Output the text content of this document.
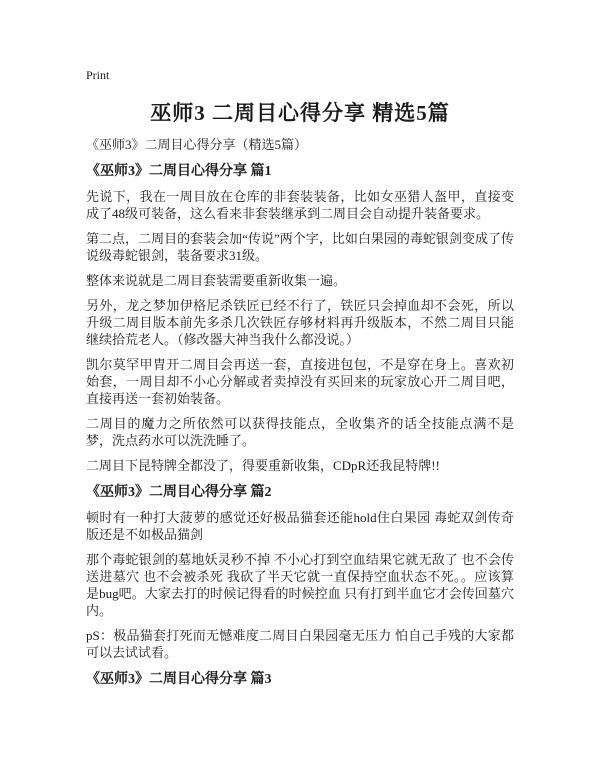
Print
巫师3 二周目心得分享 精选5篇

《巫师3》二周目心得分享（精选5篇）

《巫师3》二周目心得分享 篇1

先说下，我在一周目放在仓库的非套装装备，比如女巫猎人盔甲，直接变成了48级可装备，这么看来非套装继承到二周目会自动提升装备要求。

第二点，二周目的套装会加“传说”两个字，比如白果园的毒蛇银剑变成了传说级毒蛇银剑，装备要求31级。

整体来说就是二周目套装需要重新收集一遍。

另外，龙之梦加伊格尼杀铁匠已经不行了，铁匠只会掉血却不会死，所以升级二周目版本前先多杀几次铁匠存够材料再升级版本，不然二周目只能继续拾荒老人。（修改器大神当我什么都没说。）

凯尔莫罕甲胄开二周目会再送一套，直接进包包，不是穿在身上。喜欢初始套，一周目却不小心分解或者卖掉没有买回来的玩家放心开二周目吧，直接再送一套初始装备。

二周目的魔力之所依然可以获得技能点，全收集齐的话全技能点满不是梦，洗点药水可以洗洗睡了。

二周目下昆特牌全都没了，得要重新收集，CDpR还我昆特牌!!

《巫师3》二周目心得分享 篇2

顿时有一种打大菠萝的感觉还好极品猫套还能hold住白果园 毒蛇双剑传奇版还是不如极品猫剑

那个毒蛇银剑的墓地妖灵秒不掉 不小心打到空血结果它就无敌了 也不会传送进墓穴 也不会被杀死 我砍了半天它就一直保持空血状态不死。。应该算是bug吧。大家去打的时候记得看的时候控血 只有打到半血它才会传回墓穴内。

pS：极品猫套打死而无憾难度二周目白果园毫无压力 怕自己手残的大家都可以去试试看。

《巫师3》二周目心得分享 篇3
